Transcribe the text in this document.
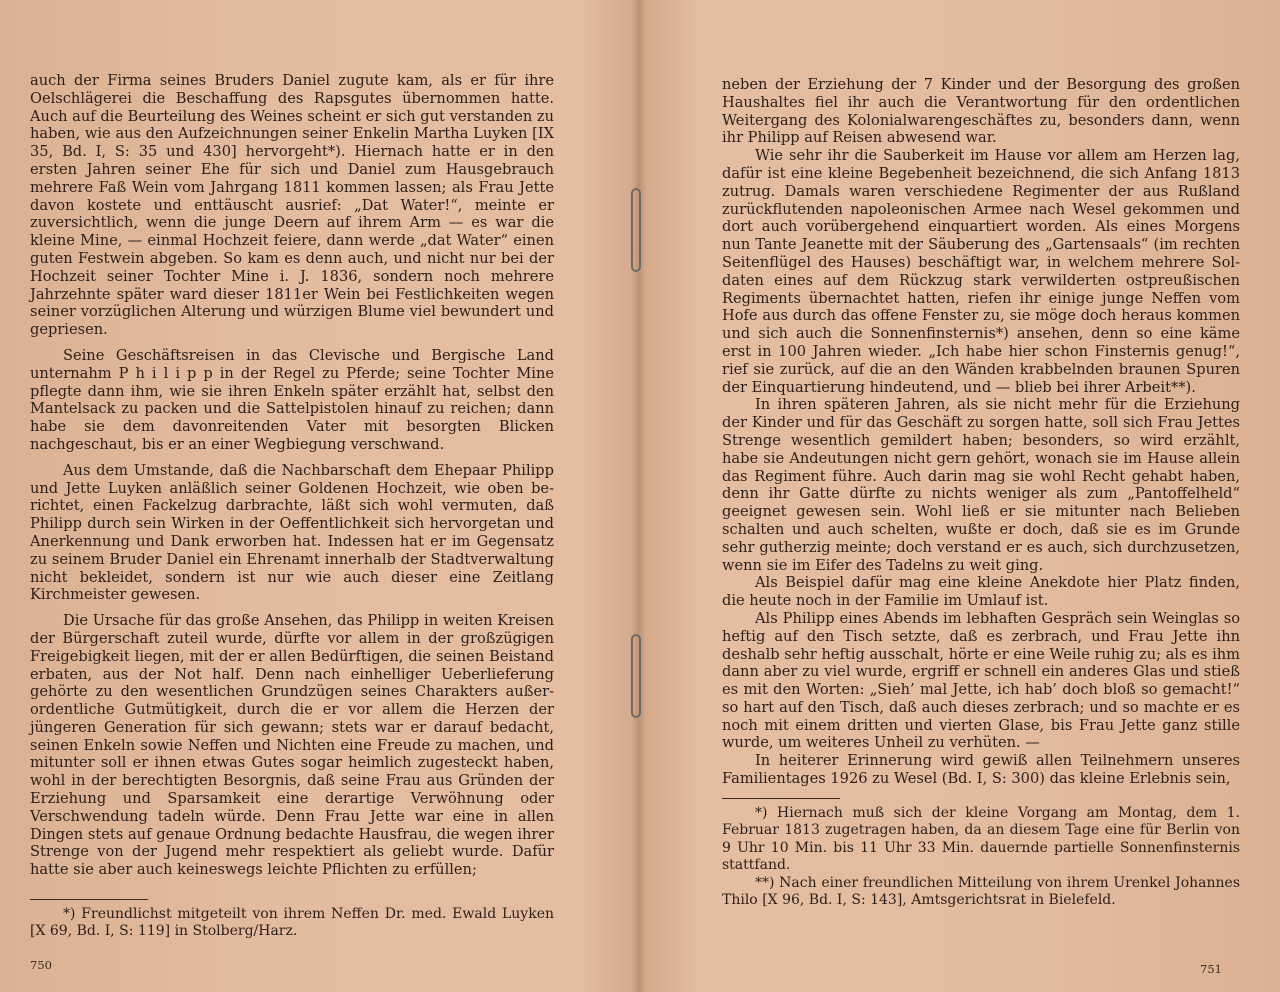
auch der Firma seines Bruders Daniel zugute kam, als er für ihre Oelschlägerei die Beschaffung des Rapsgutes übernommen hatte. Auch auf die Beurteilung des Weines scheint er sich gut verstanden zu haben, wie aus den Aufzeichnungen seiner Enkelin Martha Luyken [IX 35, Bd. I, S: 35 und 430] hervorgeht*). Hiernach hatte er in den ersten Jahren seiner Ehe für sich und Daniel zum Hausgebrauch mehrere Faß Wein vom Jahrgang 1811 kommen lassen; als Frau Jette davon kostete und enttäuscht ausrief: „Dat Water!“, meinte er zuversichtlich, wenn die junge Deern auf ihrem Arm — es war die kleine Mine, — einmal Hochzeit feiere, dann werde „dat Water“ einen guten Festwein abgeben. So kam es denn auch, und nicht nur bei der Hochzeit seiner Tochter Mine i. J. 1836, sondern noch mehrere Jahrzehnte später ward dieser 1811er Wein bei Festlichkeiten wegen seiner vorzüglichen Alterung und würzigen Blume viel bewundert und gepriesen.

Seine Geschäftsreisen in das Clevische und Bergische Land unternahm P h i l i p p in der Regel zu Pferde; seine Tochter Mine pflegte dann ihm, wie sie ihren Enkeln später erzählt hat, selbst den Mantelsack zu packen und die Sattelpistolen hinauf zu reichen; dann habe sie dem davonreitenden Vater mit besorgten Blicken nachgeschaut, bis er an einer Wegbiegung verschwand.

Aus dem Umstande, daß die Nachbarschaft dem Ehepaar Philipp und Jette Luyken anläßlich seiner Goldenen Hochzeit, wie oben berichtet, einen Fackelzug darbrachte, läßt sich wohl vermuten, daß Philipp durch sein Wirken in der Oeffentlichkeit sich hervorgetan und Anerkennung und Dank erworben hat. Indessen hat er im Gegensatz zu seinem Bruder Daniel ein Ehrenamt innerhalb der Stadtverwaltung nicht bekleidet, sondern ist nur wie auch dieser eine Zeitlang Kirchmeister gewesen.

Die Ursache für das große Ansehen, das Philipp in weiten Kreisen der Bürgerschaft zuteil wurde, dürfte vor allem in der großzügigen Freigebigkeit liegen, mit der er allen Bedürftigen, die seinen Beistand erbaten, aus der Not half. Denn nach einhelliger Ueberlieferung gehörte zu den wesentlichen Grundzügen seines Charakters außerordentliche Gutmütigkeit, durch die er vor allem die Herzen der jüngeren Generation für sich gewann; stets war er darauf bedacht, seinen Enkeln sowie Neffen und Nichten eine Freude zu machen, und mitunter soll er ihnen etwas Gutes sogar heimlich zugesteckt haben, wohl in der berechtigten Besorgnis, daß seine Frau aus Gründen der Erziehung und Sparsamkeit eine derartige Verwöhnung oder Verschwendung tadeln würde. Denn Frau Jette war eine in allen Dingen stets auf genaue Ordnung bedachte Hausfrau, die wegen ihrer Strenge von der Jugend mehr respektiert als geliebt wurde. Dafür hatte sie aber auch keineswegs leichte Pflichten zu erfüllen;

*) Freundlichst mitgeteilt von ihrem Neffen Dr. med. Ewald Luyken [X 69, Bd. I, S: 119] in Stolberg/Harz.

750

neben der Erziehung der 7 Kinder und der Besorgung des großen Haushaltes fiel ihr auch die Verantwortung für den ordentlichen Weitergang des Kolonialwarengeschäftes zu, besonders dann, wenn ihr Philipp auf Reisen abwesend war.

Wie sehr ihr die Sauberkeit im Hause vor allem am Herzen lag, dafür ist eine kleine Begebenheit bezeichnend, die sich Anfang 1813 zutrug. Damals waren verschiedene Regimenter der aus Rußland zurückflutenden napoleonischen Armee nach Wesel gekommen und dort auch vorübergehend einquartiert worden. Als eines Morgens nun Tante Jeanette mit der Säuberung des „Gartensaals“ (im rechten Seitenflügel des Hauses) beschäftigt war, in welchem mehrere Soldaten eines auf dem Rückzug stark verwilderten ostpreußischen Regiments übernachtet hatten, riefen ihr einige junge Neffen vom Hofe aus durch das offene Fenster zu, sie möge doch heraus kommen und sich auch die Sonnenfinsternis*) ansehen, denn so eine käme erst in 100 Jahren wieder. „Ich habe hier schon Finsternis genug!“, rief sie zurück, auf die an den Wänden krabbelnden braunen Spuren der Einquartierung hindeutend, und — blieb bei ihrer Arbeit**).

In ihren späteren Jahren, als sie nicht mehr für die Erziehung der Kinder und für das Geschäft zu sorgen hatte, soll sich Frau Jettes Strenge wesentlich gemildert haben; besonders, so wird erzählt, habe sie Andeutungen nicht gern gehört, wonach sie im Hause allein das Regiment führe. Auch darin mag sie wohl Recht gehabt haben, denn ihr Gatte dürfte zu nichts weniger als zum „Pantoffelheld“ geeignet gewesen sein. Wohl ließ er sie mitunter nach Belieben schalten und auch schelten, wußte er doch, daß sie es im Grunde sehr gutherzig meinte; doch verstand er es auch, sich durchzusetzen, wenn sie im Eifer des Tadelns zu weit ging.

Als Beispiel dafür mag eine kleine Anekdote hier Platz finden, die heute noch in der Familie im Umlauf ist.

Als Philipp eines Abends im lebhaften Gespräch sein Weinglas so heftig auf den Tisch setzte, daß es zerbrach, und Frau Jette ihn deshalb sehr heftig ausschalt, hörte er eine Weile ruhig zu; als es ihm dann aber zu viel wurde, ergriff er schnell ein anderes Glas und stieß es mit den Worten: „Sieh’ mal Jette, ich hab’ doch bloß so gemacht!“ so hart auf den Tisch, daß auch dieses zerbrach; und so machte er es noch mit einem dritten und vierten Glase, bis Frau Jette ganz stille wurde, um weiteres Unheil zu verhüten. —

In heiterer Erinnerung wird gewiß allen Teilnehmern unseres Familientages 1926 zu Wesel (Bd. I, S: 300) das kleine Erlebnis sein,

*) Hiernach muß sich der kleine Vorgang am Montag, dem 1. Februar 1813 zugetragen haben, da an diesem Tage eine für Berlin von 9 Uhr 10 Min. bis 11 Uhr 33 Min. dauernde partielle Sonnenfinsternis stattfand.

**) Nach einer freundlichen Mitteilung von ihrem Urenkel Johannes Thilo [X 96, Bd. I, S: 143], Amtsgerichtsrat in Bielefeld.

751
